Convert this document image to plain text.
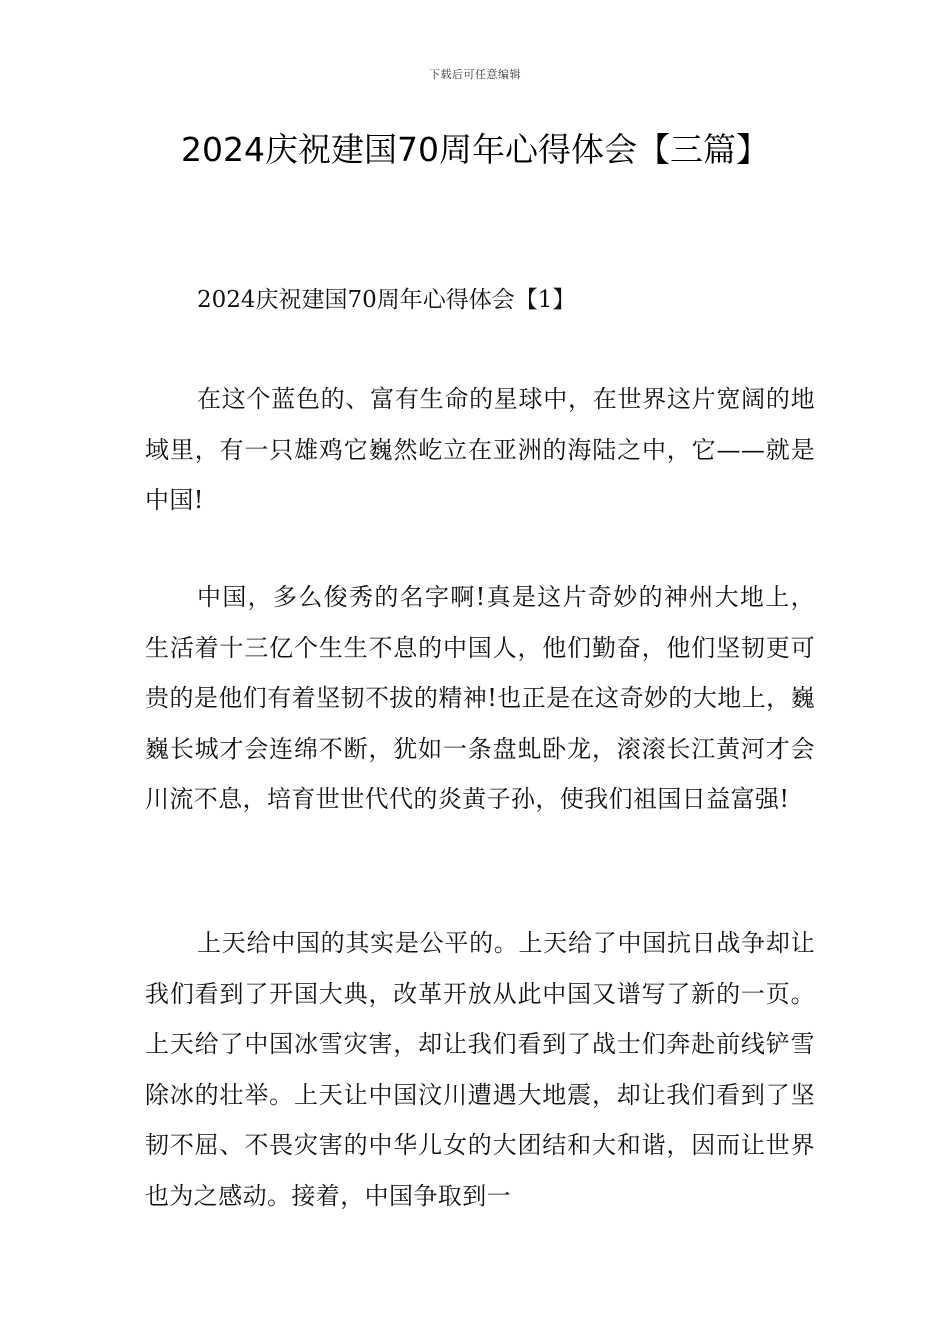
下载后可任意编辑
2024庆祝建国70周年心得体会【三篇】
2024庆祝建国70周年心得体会【1】

在这个蓝色的、富有生命的星球中，在世界这片宽阔的地域里，有一只雄鸡它巍然屹立在亚洲的海陆之中，它——就是中国!

中国，多么俊秀的名字啊!真是这片奇妙的神州大地上，生活着十三亿个生生不息的中国人，他们勤奋，他们坚韧更可贵的是他们有着坚韧不拔的精神!也正是在这奇妙的大地上，巍巍长城才会连绵不断，犹如一条盘虬卧龙，滚滚长江黄河才会川流不息，培育世世代代的炎黄子孙，使我们祖国日益富强!

上天给中国的其实是公平的。上天给了中国抗日战争却让我们看到了开国大典，改革开放从此中国又谱写了新的一页。上天给了中国冰雪灾害，却让我们看到了战士们奔赴前线铲雪除冰的壮举。上天让中国汶川遭遇大地震，却让我们看到了坚韧不屈、不畏灾害的中华儿女的大团结和大和谐，因而让世界也为之感动。接着，中国争取到一
